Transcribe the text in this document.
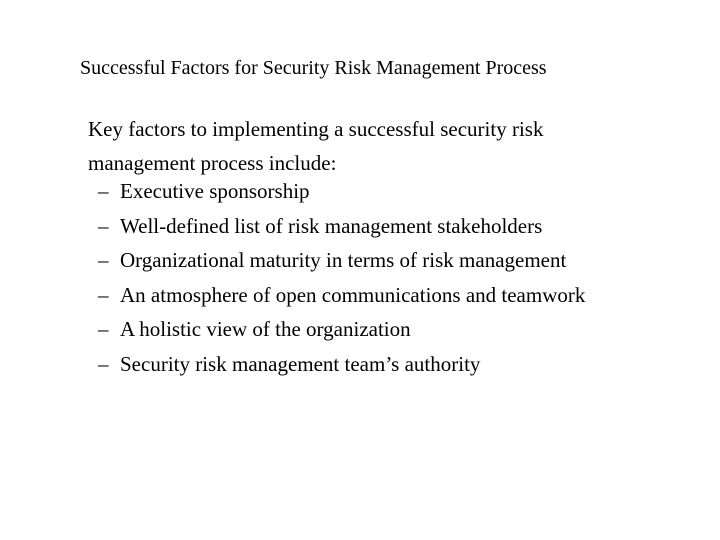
Successful Factors for Security Risk Management Process
Key factors to implementing a successful security risk management process include:
– Executive sponsorship
– Well-defined list of risk management stakeholders
– Organizational maturity in terms of risk management
– An atmosphere of open communications and teamwork
– A holistic view of the organization
– Security risk management team’s authority
